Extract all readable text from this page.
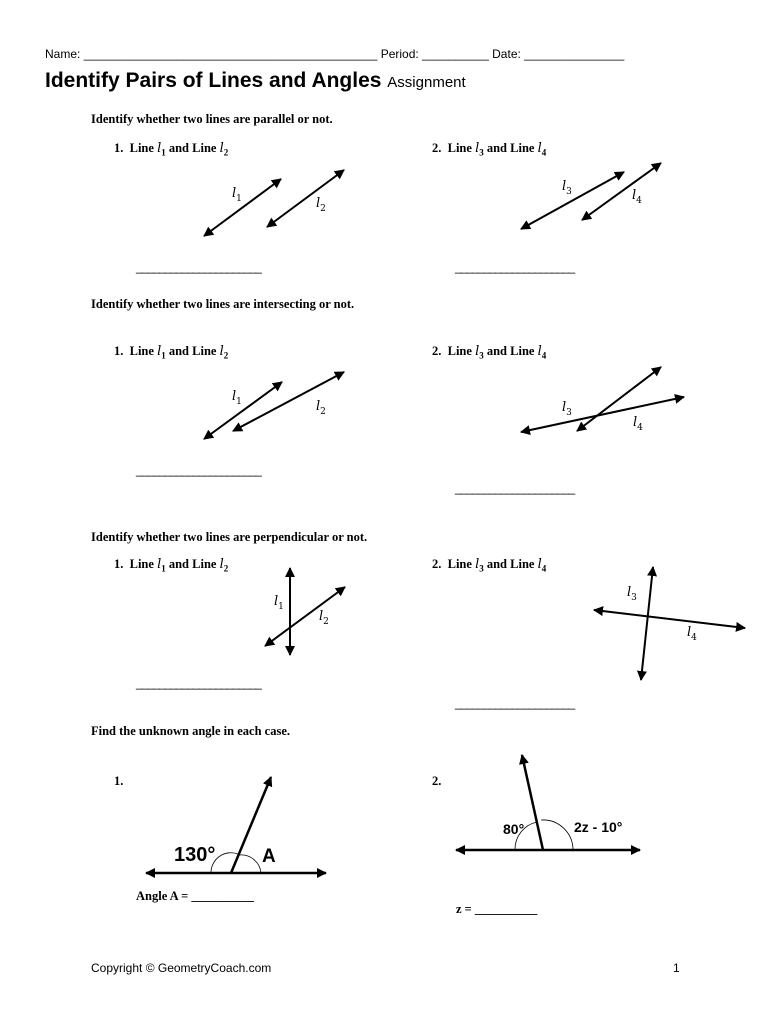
Name: ____________________________________________ Period: __________ Date: _______________
Identify Pairs of Lines and Angles Assignment
Identify whether two lines are parallel or not.
1. Line $l_1$ and Line $l_2$	2. Line $l_3$ and Line $l_4$
______________________	_____________________
Identify whether two lines are intersecting or not.
1. Line $l_1$ and Line $l_2$	2. Line $l_3$ and Line $l_4$
______________________
_____________________
Identify whether two lines are perpendicular or not.
1. Line $l_1$ and Line $l_2$	2. Line $l_3$ and Line $l_4$
______________________
_____________________
Find the unknown angle in each case.
1.	2.
Angle A = __________
z = __________
$l_1$	$l_2$
$l_3$	$l_4$
$l_1$	$l_2$	$l_3$
$l_4$
$l_1$
$l_2$
$l_3$
$l_4$
130° A
80°	2z - 10°
Copyright © GeometryCoach.com	1
